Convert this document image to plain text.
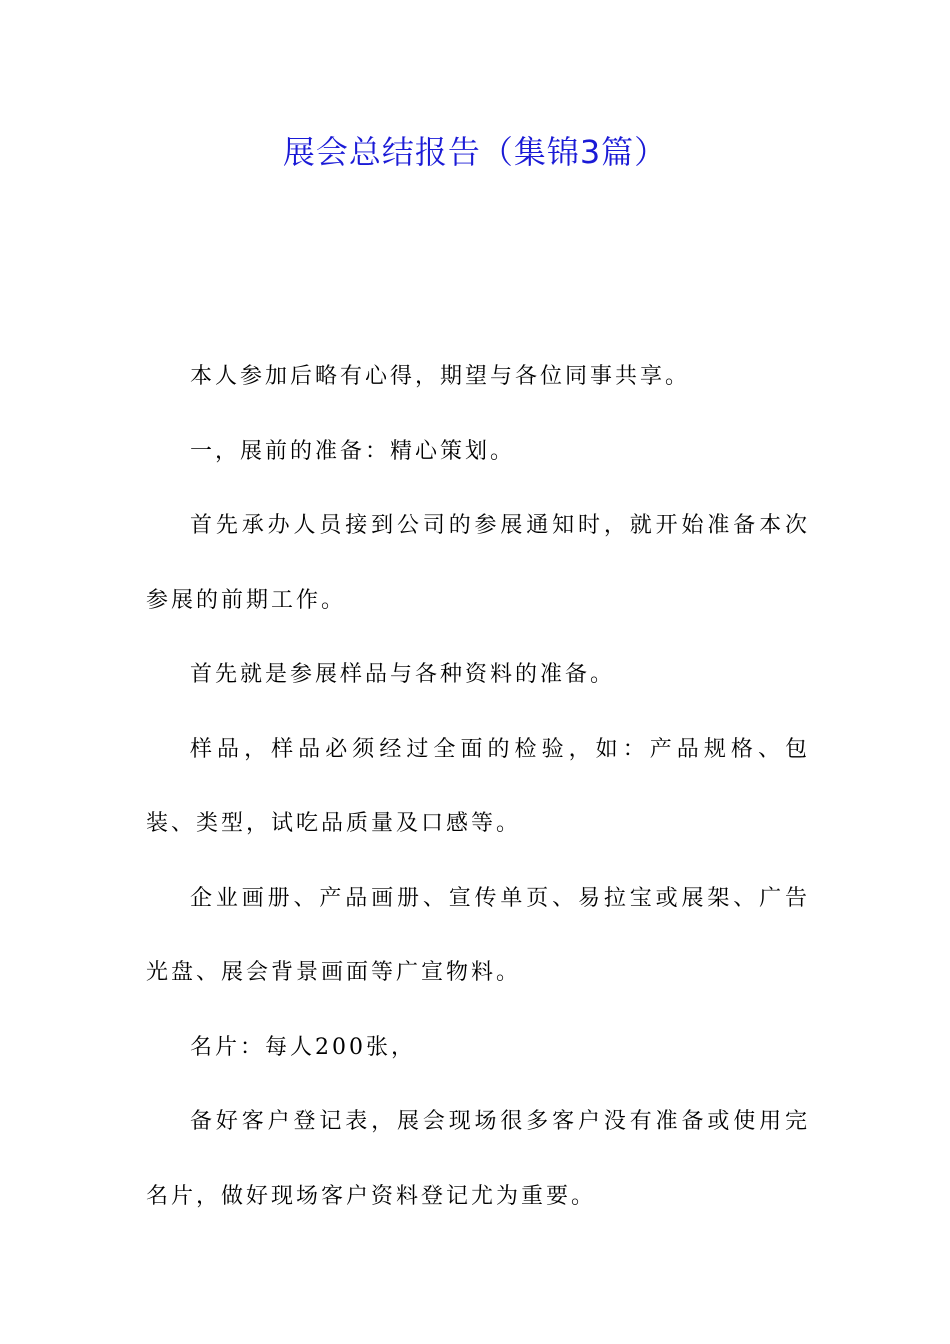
展会总结报告（集锦3篇）

本人参加后略有心得，期望与各位同事共享。

一，展前的准备：精心策划。

首先承办人员接到公司的参展通知时，就开始准备本次参展的前期工作。

首先就是参展样品与各种资料的准备。

样品，样品必须经过全面的检验，如：产品规格、包装、类型，试吃品质量及口感等。

企业画册、产品画册、宣传单页、易拉宝或展架、广告光盘、展会背景画面等广宣物料。

名片：每人200张，

备好客户登记表，展会现场很多客户没有准备或使用完名片，做好现场客户资料登记尤为重要。
